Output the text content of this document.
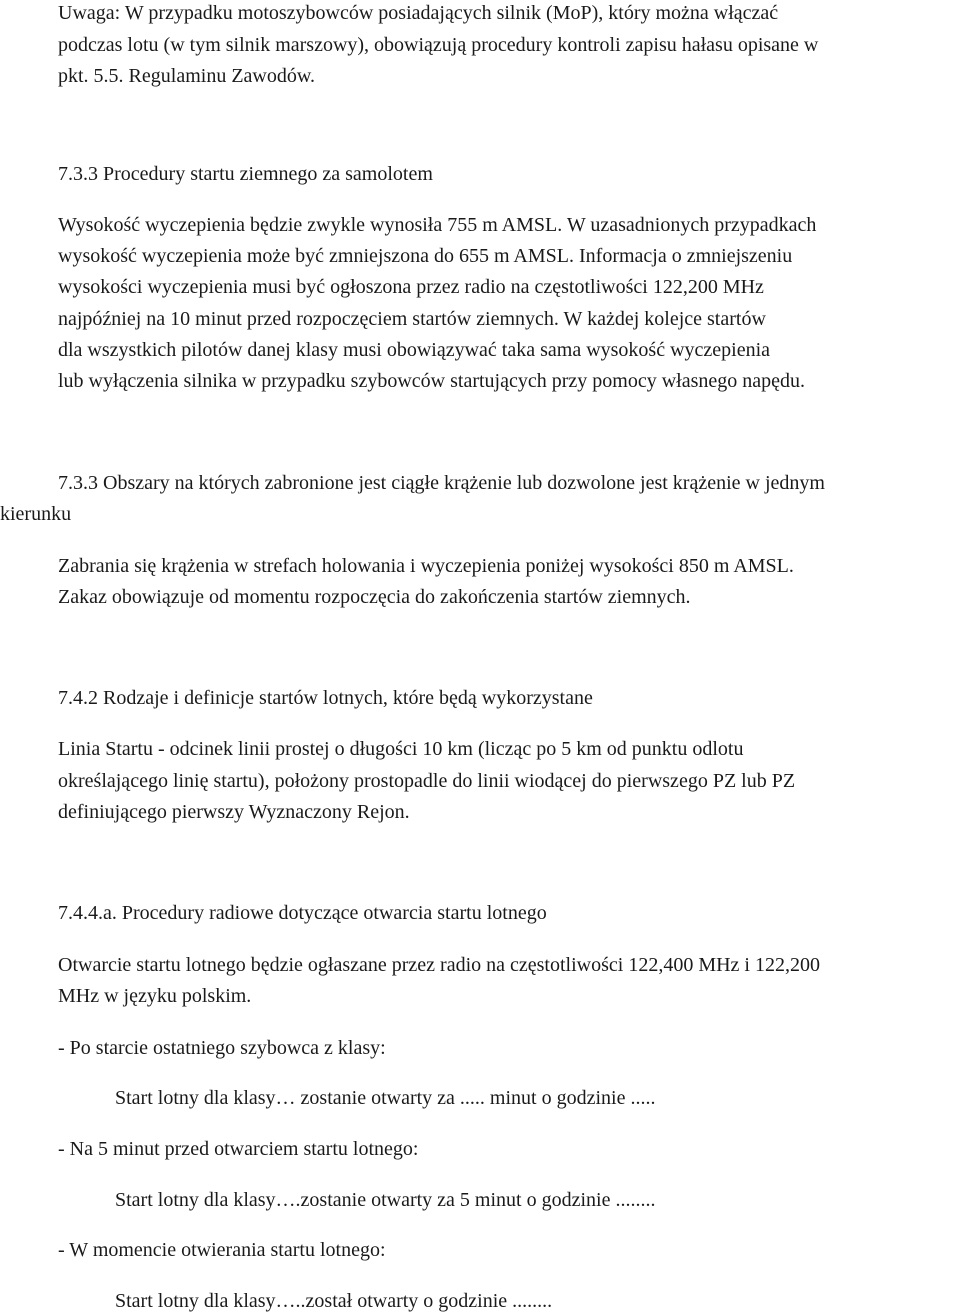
Uwaga: W przypadku motoszybowców posiadających silnik (MoP), który można włączać
podczas lotu (w tym silnik marszowy), obowiązują procedury kontroli zapisu hałasu opisane w
pkt. 5.5. Regulaminu Zawodów.
7.3.3 Procedury startu ziemnego za samolotem
Wysokość wyczepienia będzie zwykle wynosiła 755 m AMSL. W uzasadnionych przypadkach
wysokość wyczepienia może być zmniejszona do 655 m AMSL. Informacja o zmniejszeniu
wysokości wyczepienia musi być ogłoszona przez radio na częstotliwości 122,200 MHz
najpóźniej na 10 minut przed rozpoczęciem startów ziemnych. W każdej kolejce startów
dla wszystkich pilotów danej klasy musi obowiązywać taka sama wysokość wyczepienia
lub wyłączenia silnika w przypadku szybowców startujących przy pomocy własnego napędu.
7.3.3 Obszary na których zabronione jest ciągłe krążenie lub dozwolone jest krążenie w jednym
kierunku
Zabrania się krążenia w strefach holowania i wyczepienia poniżej wysokości 850 m AMSL.
Zakaz obowiązuje od momentu rozpoczęcia do zakończenia startów ziemnych.
7.4.2 Rodzaje i definicje startów lotnych, które będą wykorzystane
Linia Startu - odcinek linii prostej o długości 10 km (licząc po 5 km od punktu odlotu
określającego linię startu), położony prostopadle do linii wiodącej do pierwszego PZ lub PZ
definiującego pierwszy Wyznaczony Rejon.
7.4.4.a. Procedury radiowe dotyczące otwarcia startu lotnego
Otwarcie startu lotnego będzie ogłaszane przez radio na częstotliwości 122,400 MHz i 122,200
MHz w języku polskim.
- Po starcie ostatniego szybowca z klasy:
Start lotny dla klasy… zostanie otwarty za ..... minut o godzinie .....
- Na 5 minut przed otwarciem startu lotnego:
Start lotny dla klasy….zostanie otwarty za 5 minut o godzinie ........
- W momencie otwierania startu lotnego:
Start lotny dla klasy…..został otwarty o godzinie ........
